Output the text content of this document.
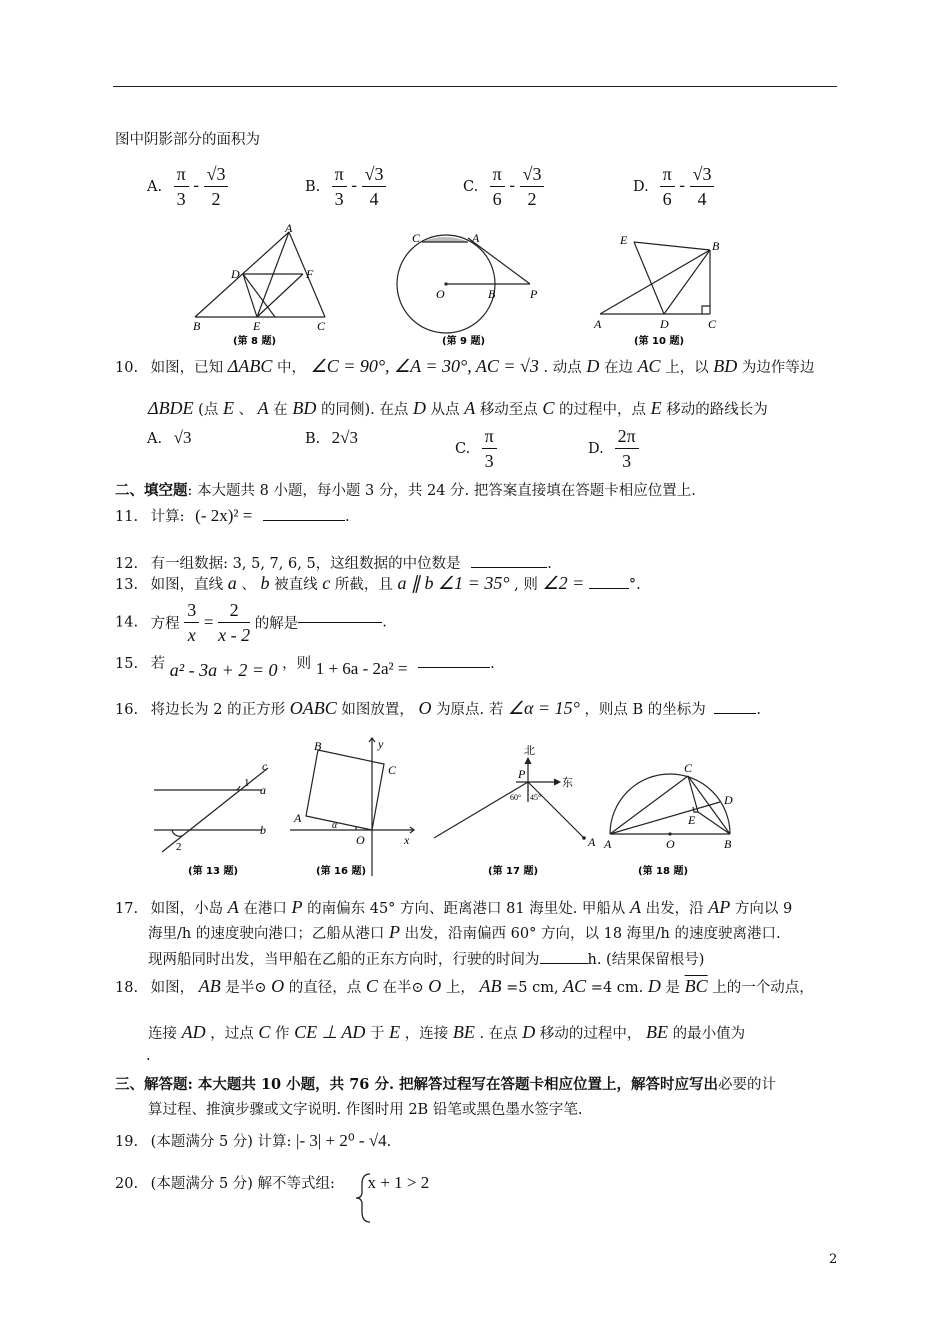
图中阴影部分的面积为
A. $\frac{\pi}{3} - \frac{√3}{2}$	B. $\frac{\pi}{3} - \frac{√3}{4}$	C. $\frac{\pi}{6} - \frac{√3}{2}$	D. $\frac{\pi}{6} - \frac{√3}{4}$
A
D	F
B	E	C
(第 8 题)
C	A
O	B	P
(第 9 题)
E	B
A	D	C
(第 10 题)
10. 如图，已知 ΔABC 中， ∠C = 90°, ∠A = 30°, AC = √3 . 动点 D 在边 AC 上，以 BD 为边作等边
ΔBDE (点 E 、 A 在 BD 的同侧). 在点 D 从点 A 移动至点 C 的过程中，点 E 移动的路线长为
A. √3	B. 2√3
C. $\frac{\pi}{3}$	D. $\frac{2\pi}{3}$
二、填空题: 本大题共 8 小题，每小题 3 分，共 24 分. 把答案直接填在答题卡相应位置上.
11. 计算: (- 2x)² =	.
12. 有一组数据: 3, 5, 7, 6, 5，这组数据的中位数是	.
13. 如图，直线 a 、 b 被直线 c 所截，且 a ∥ b ∠1 = 35° , 则 ∠2 =	°.
14. 方程 $\frac{3}{x} = \frac{2}{x - 2}$ 的解是	.
15. 若 a² - 3a + 2 = 0 ，则 1 + 6a - 2a² =	.
16. 将边长为 2 的正方形 OABC 如图放置， O 为原点. 若 ∠α = 15° ，则点 B 的坐标为	.
c
1 a
b
2
(第 13 题)
B	y
C
A
α
O	x
(第 16 题)
北
东
P
60° 45°
A
(第 17 题)
C
D
E
A	O	B
(第 18 题)
17. 如图，小岛 A 在港口 P 的南偏东 45° 方向、距离港口 81 海里处. 甲船从 A 出发，沿 AP 方向以 9
海里/h 的速度驶向港口；乙船从港口 P 出发，沿南偏西 60° 方向，以 18 海里/h 的速度驶离港口.
现两船同时出发，当甲船在乙船的正东方向时，行驶的时间为	h. (结果保留根号)
18. 如图， AB 是半⊙ O 的直径，点 C 在半⊙ O 上， AB =5 cm, AC =4 cm. D 是 $\overline{BC}$ 上的一个动点，
连接 AD ，过点 C 作 CE ⊥ AD 于 E ，连接 BE . 在点 D 移动的过程中， BE 的最小值为
.
三、解答题: 本大题共 10 小题，共 76 分. 把解答过程写在答题卡相应位置上，解答时应写出必要的计
算过程、推演步骤或文字说明. 作图时用 2B 铅笔或黑色墨水签字笔.
19. (本题满分 5 分) 计算: |- 3| + 2⁰ - √4.
20. (本题满分 5 分) 解不等式组: x + 1 > 2
2
